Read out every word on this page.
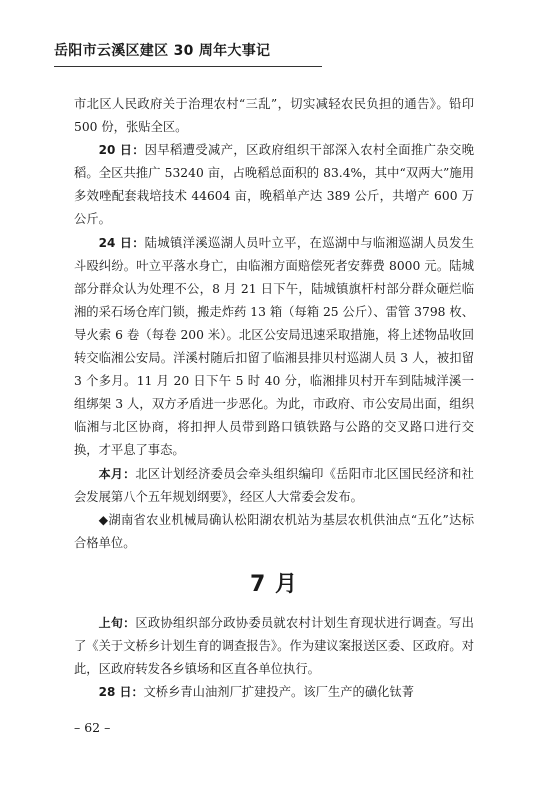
岳阳市云溪区建区 30 周年大事记

市北区人民政府关于治理农村“三乱”，切实减轻农民负担的通告》。铅印 500 份，张贴全区。

20 日：因早稻遭受减产，区政府组织干部深入农村全面推广杂交晚稻。全区共推广 53240 亩，占晚稻总面积的 83.4%，其中“双两大”施用多效唑配套栽培技术 44604 亩，晚稻单产达 389 公斤，共增产 600 万公斤。

24 日：陆城镇洋溪巡湖人员叶立平，在巡湖中与临湘巡湖人员发生斗殴纠纷。叶立平落水身亡，由临湘方面赔偿死者安葬费 8000 元。陆城部分群众认为处理不公，8 月 21 日下午，陆城镇旗杆村部分群众砸烂临湘的采石场仓库门锁，搬走炸药 13 箱（每箱 25 公斤）、雷管 3798 枚、导火索 6 卷（每卷 200 米）。北区公安局迅速采取措施，将上述物品收回转交临湘公安局。洋溪村随后扣留了临湘县排贝村巡湖人员 3 人，被扣留 3 个多月。11 月 20 日下午 5 时 40 分，临湘排贝村开车到陆城洋溪一组绑架 3 人，双方矛盾进一步恶化。为此，市政府、市公安局出面，组织临湘与北区协商，将扣押人员带到路口镇铁路与公路的交叉路口进行交换，才平息了事态。

本月：北区计划经济委员会牵头组织编印《岳阳市北区国民经济和社会发展第八个五年规划纲要》，经区人大常委会发布。

◆湖南省农业机械局确认松阳湖农机站为基层农机供油点“五化”达标合格单位。

7 月

上旬：区政协组织部分政协委员就农村计划生育现状进行调查。写出了《关于文桥乡计划生育的调查报告》。作为建议案报送区委、区政府。对此，区政府转发各乡镇场和区直各单位执行。

28 日：文桥乡青山油剂厂扩建投产。该厂生产的磺化钛菁

– 62 –
